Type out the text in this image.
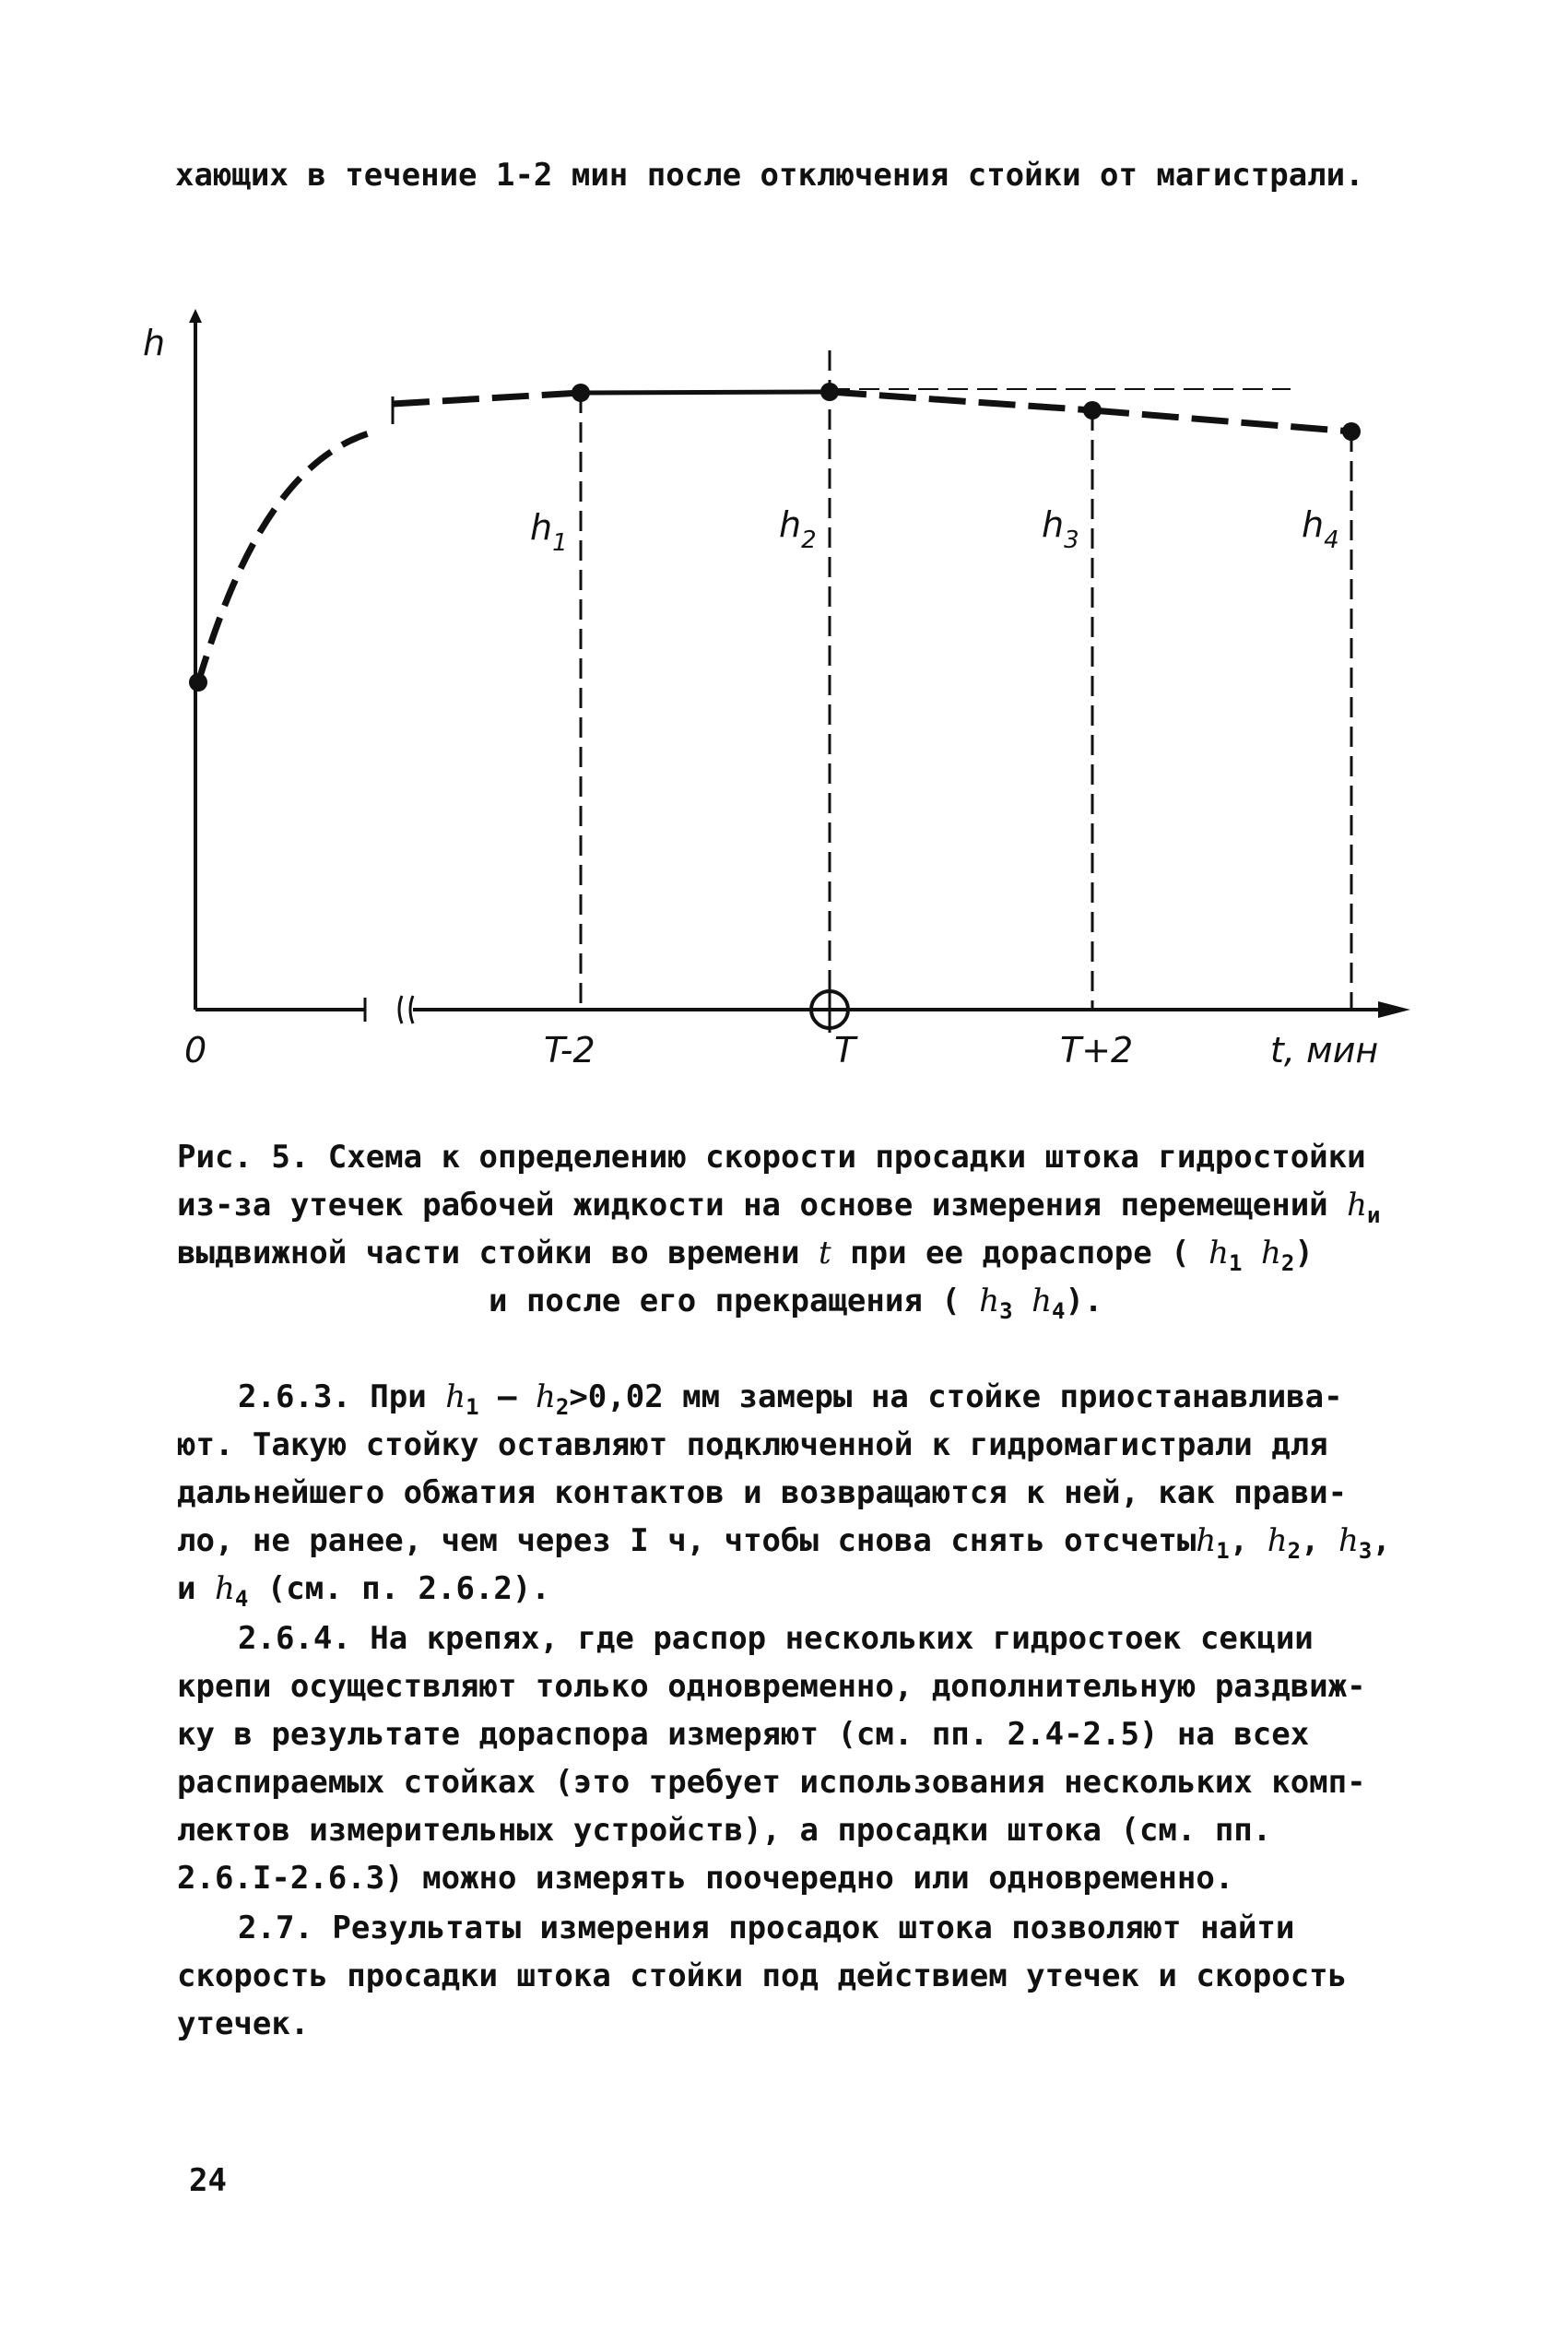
хающих в течение 1-2 мин после отключения стойки от магистрали.
h
0	T-2	T	T+2	t, мин
$h_1$	$h_2$	$h_3$	$h_4$
Рис. 5. Схема к определению скорости просадки штока гидростойки
из-за утечек рабочей жидкости на основе измерения перемещений $h_и$
выдвижной части стойки во времени t при ее дораспоре ( $h_1$ $h_2$)
и после его прекращения ( $h_3$ $h_4$).
2.6.3. При $h_1 - h_2>0,02$ мм замеры на стойке приостанавлива-
ют. Такую стойку оставляют подключенной к гидромагистрали для
дальнейшего обжатия контактов и возвращаются к ней, как прави-
ло, не ранее, чем через I ч, чтобы снова снять отсчетыh$_1$, $h_2$, $h_3$,
и $h_4$ (см. п. 2.6.2).
2.6.4. На крепях, где распор нескольких гидростоек секции
крепи осуществляют только одновременно, дополнительную раздвиж-
ку в результате дораспора измеряют (см. пп. 2.4-2.5) на всех
распираемых стойках (это требует использования нескольких комп-
лектов измерительных устройств), а просадки штока (см. пп.
2.6.I-2.6.3) можно измерять поочередно или одновременно.
2.7. Результаты измерения просадок штока позволяют найти
скорость просадки штока стойки под действием утечек и скорость
утечек.
24
